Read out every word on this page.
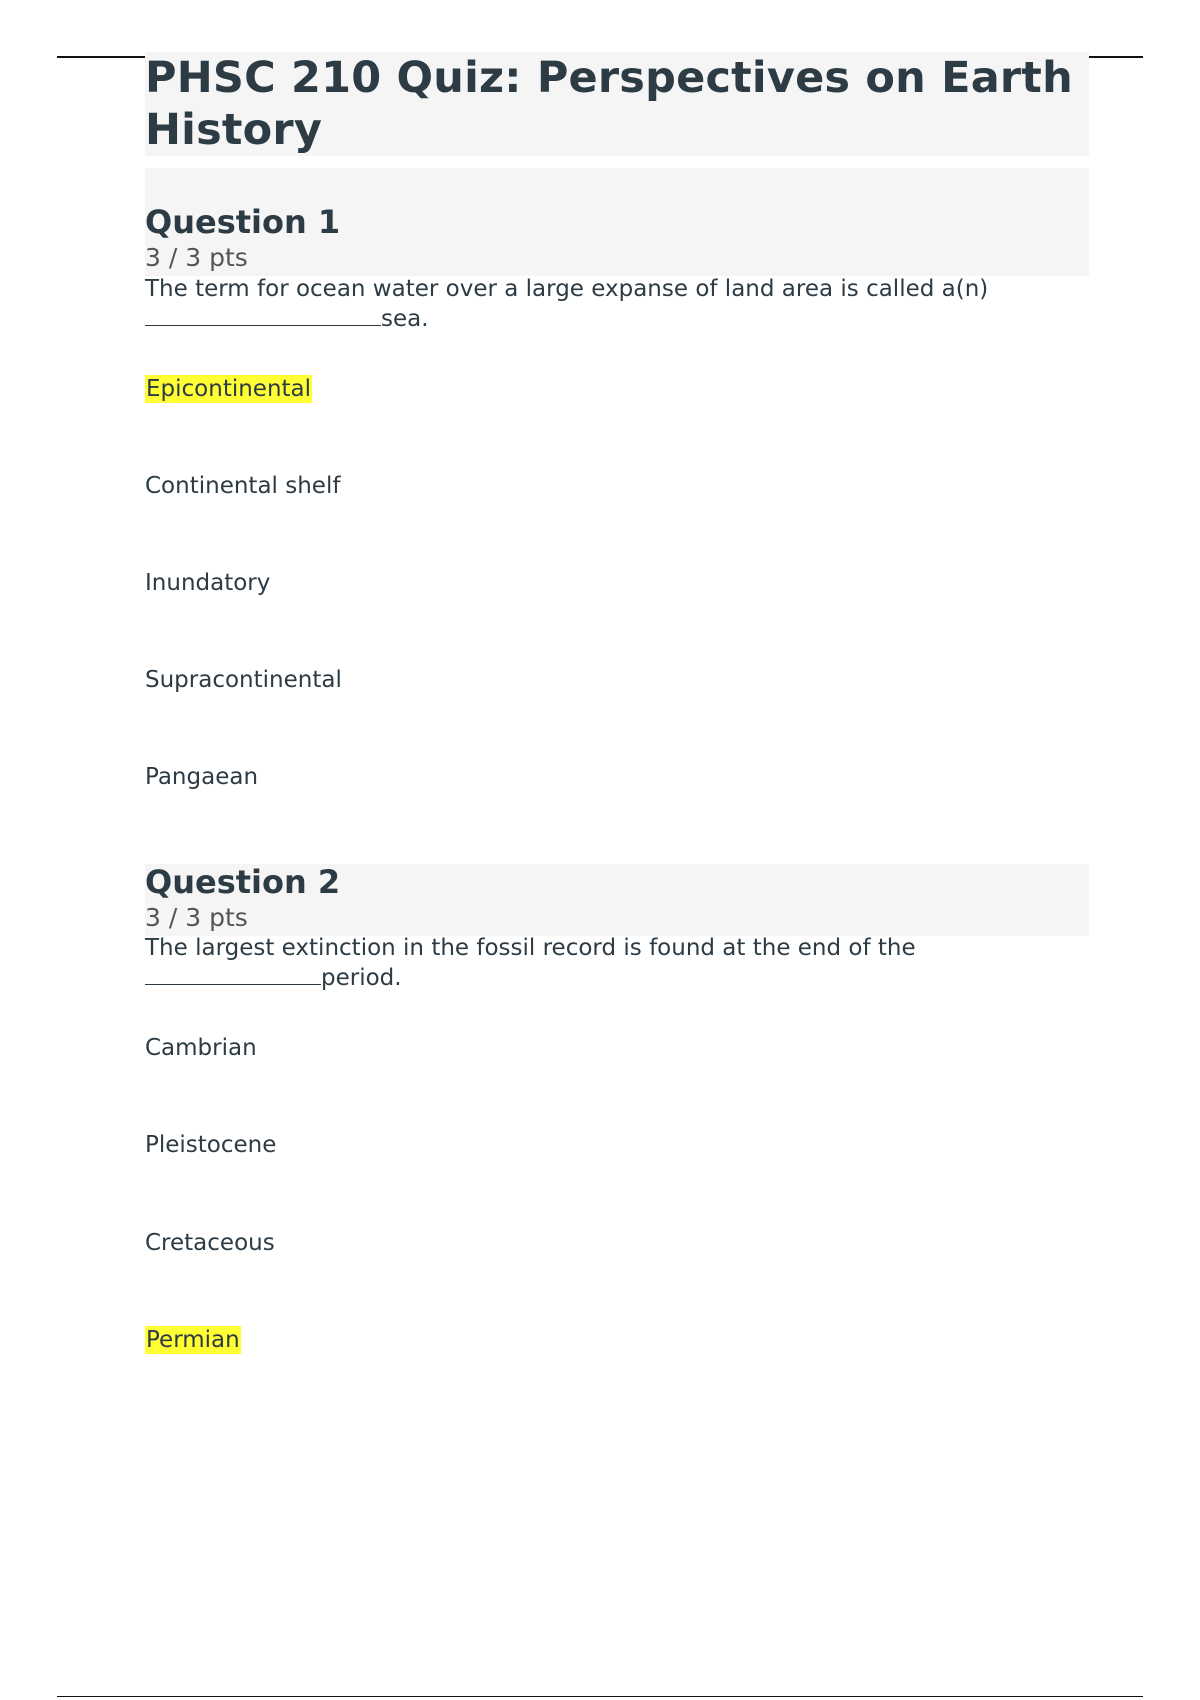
PHSC 210 Quiz: Perspectives on Earth History
Question 1
3 / 3 pts
The term for ocean water over a large expanse of land area is called a(n)
sea.
Epicontinental
Continental shelf
Inundatory
Supracontinental
Pangaean
Question 2
3 / 3 pts
The largest extinction in the fossil record is found at the end of the
period.
Cambrian
Pleistocene
Cretaceous
Permian
